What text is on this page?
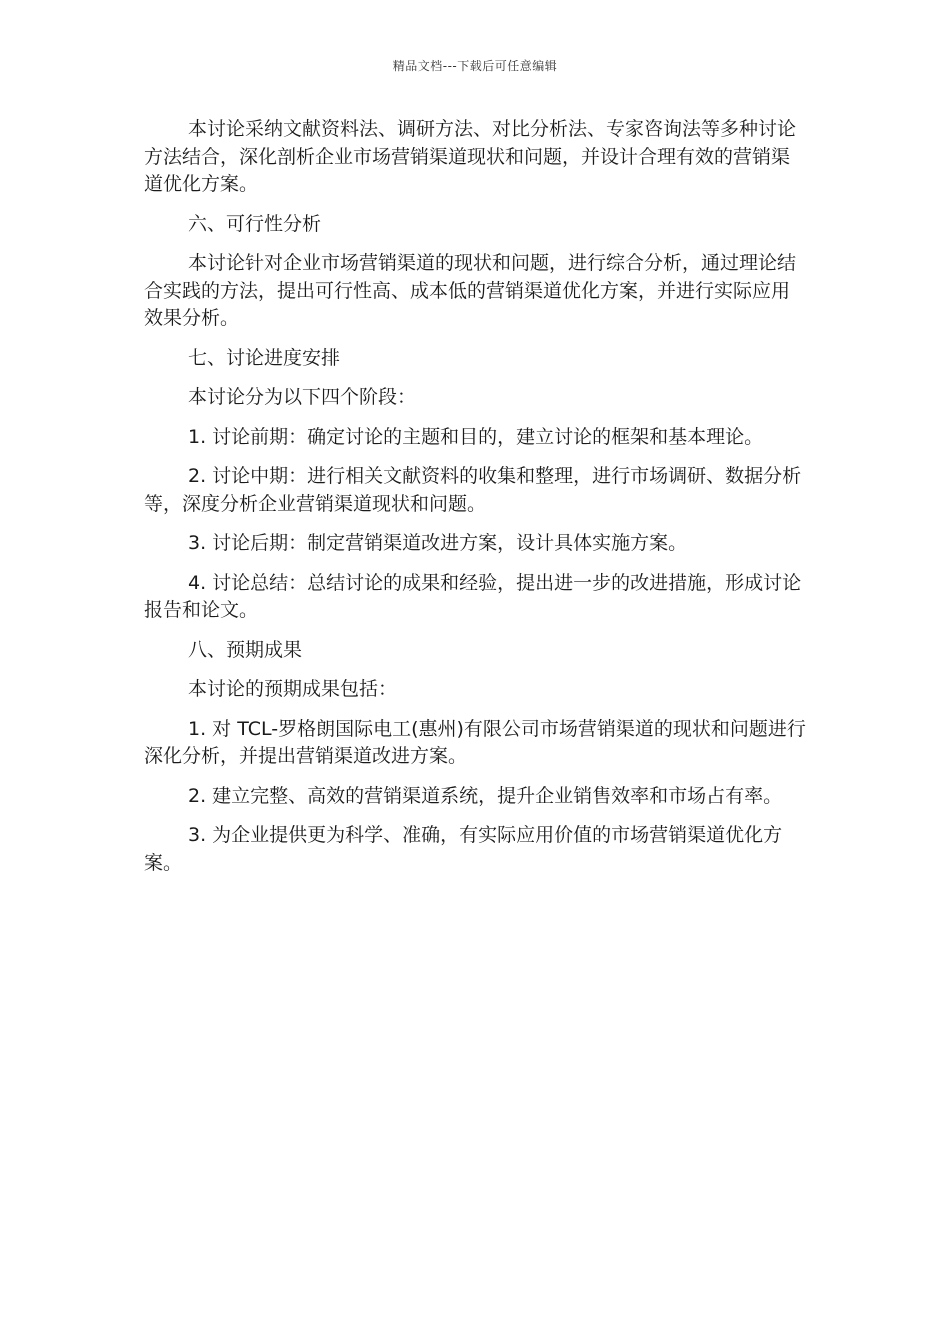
精品文档---下载后可任意编辑

本讨论采纳文献资料法、调研方法、对比分析法、专家咨询法等多种讨论方法结合，深化剖析企业市场营销渠道现状和问题，并设计合理有效的营销渠道优化方案。

六、可行性分析

本讨论针对企业市场营销渠道的现状和问题，进行综合分析，通过理论结合实践的方法，提出可行性高、成本低的营销渠道优化方案，并进行实际应用效果分析。

七、讨论进度安排

本讨论分为以下四个阶段：

1. 讨论前期：确定讨论的主题和目的，建立讨论的框架和基本理论。

2. 讨论中期：进行相关文献资料的收集和整理，进行市场调研、数据分析等，深度分析企业营销渠道现状和问题。

3. 讨论后期：制定营销渠道改进方案，设计具体实施方案。

4. 讨论总结：总结讨论的成果和经验，提出进一步的改进措施，形成讨论报告和论文。

八、预期成果

本讨论的预期成果包括：

1. 对 TCL-罗格朗国际电工(惠州)有限公司市场营销渠道的现状和问题进行深化分析，并提出营销渠道改进方案。

2. 建立完整、高效的营销渠道系统，提升企业销售效率和市场占有率。

3. 为企业提供更为科学、准确，有实际应用价值的市场营销渠道优化方案。
